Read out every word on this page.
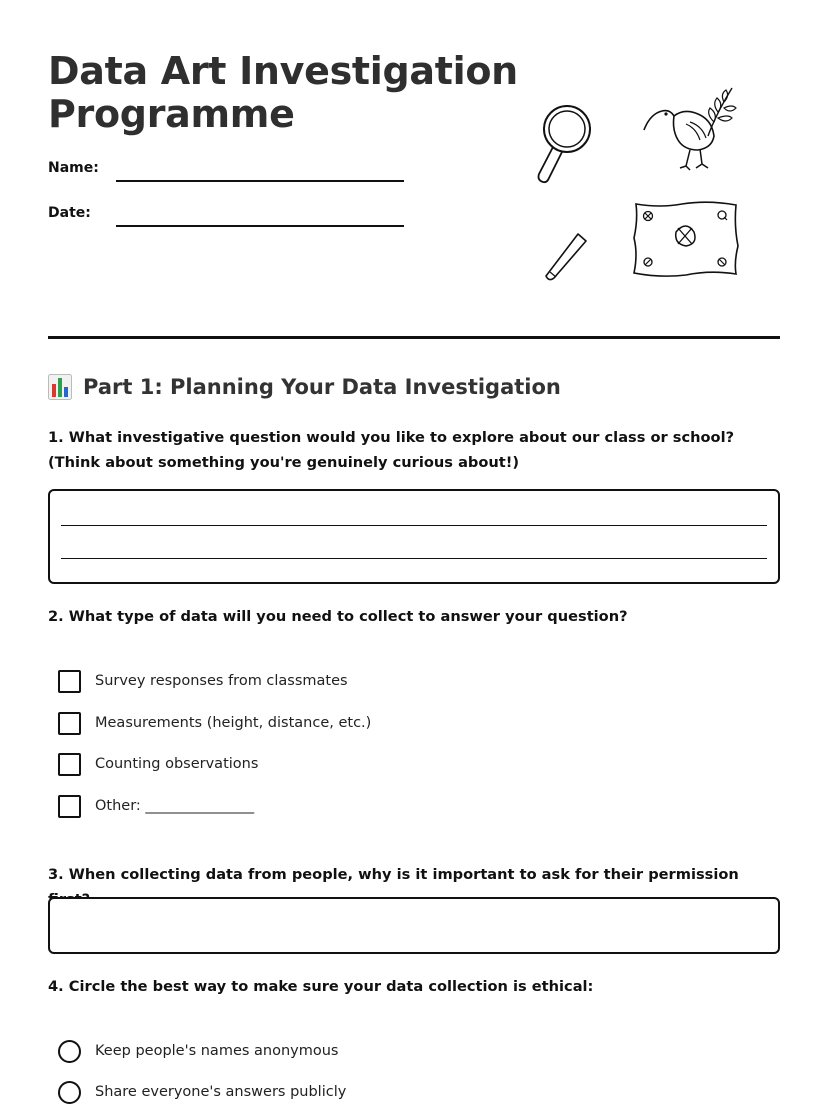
Data Art Investigation
Programme
Name:
Date:
Part 1: Planning Your Data Investigation

1. What investigative question would you like to explore about our class or school? (Think about something you're genuinely curious about!)

2. What type of data will you need to collect to answer your question?

Survey responses from classmates
Measurements (height, distance, etc.)
Counting observations
Other: _______________

3. When collecting data from people, why is it important to ask for their permission

4. Circle the best way to make sure your data collection is ethical:

Keep people's names anonymous
Share everyone's answers publicly
